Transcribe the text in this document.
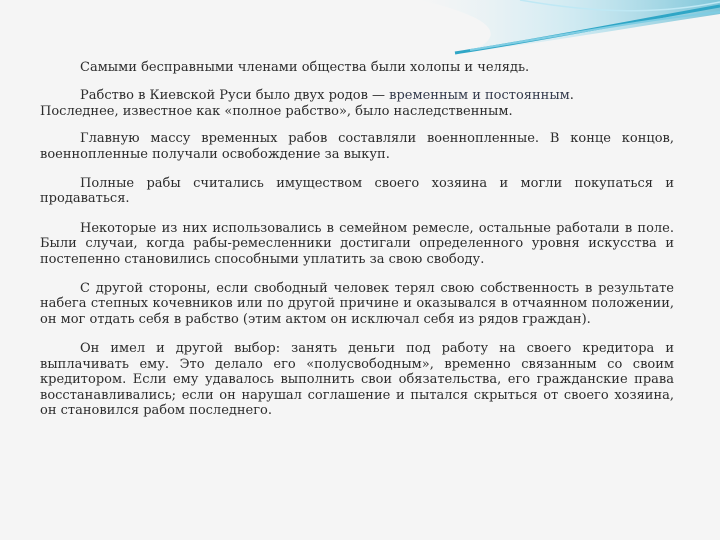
Самыми бесправными членами общества были холопы и челядь.

Рабство в Киевской Руси было двух родов — временным и постоянным.
Последнее, известное как «полное рабство», было наследственным.

Главную массу временных рабов составляли военнопленные. В конце концов, военнопленные получали освобождение за выкуп.

Полные рабы считались имуществом своего хозяина и могли покупаться и продаваться.

Некоторые из них использовались в семейном ремесле, остальные работали в поле. Были случаи, когда рабы-ремесленники достигали определенного уровня искусства и постепенно становились способными уплатить за свою свободу.

С другой стороны, если свободный человек терял свою собственность в результате набега степных кочевников или по другой причине и оказывался в отчаянном положении, он мог отдать себя в рабство (этим актом он исключал себя из рядов граждан).

Он имел и другой выбор: занять деньги под работу на своего кредитора и выплачивать ему. Это делало его «полусвободным», временно связанным со своим кредитором. Если ему удавалось выполнить свои обязательства, его гражданские права восстанавливались; если он нарушал соглашение и пытался скрыться от своего хозяина, он становился рабом последнего.
